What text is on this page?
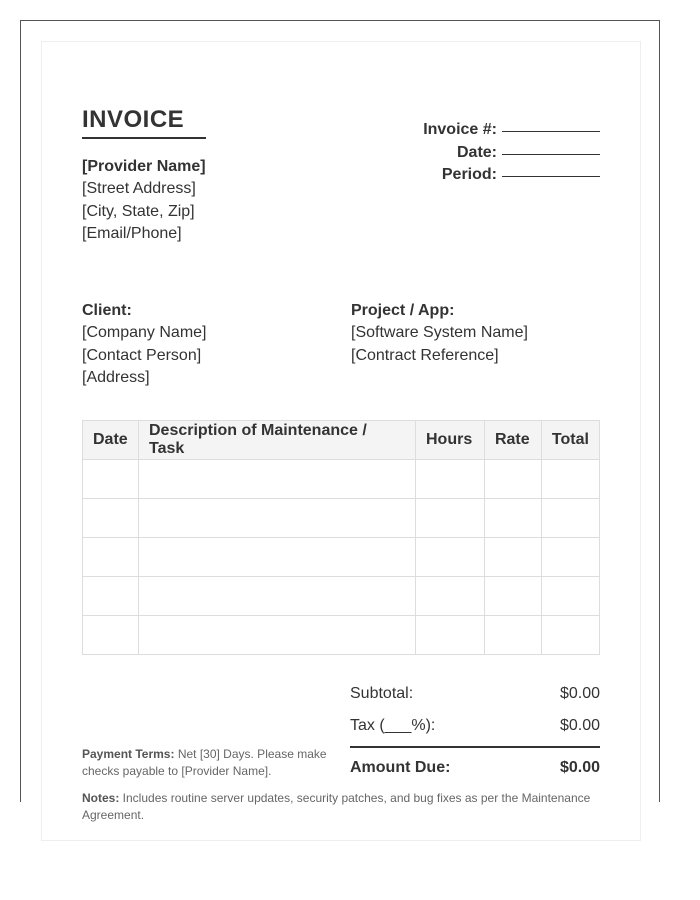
INVOICE
[Provider Name]
[Street Address]
[City, State, Zip]
[Email/Phone]
Invoice #:
Date:
Period:
Client:
[Company Name]
[Contact Person]
[Address]
Project / App:
[Software System Name]
[Contract Reference]
Date	Description of Maintenance / Task	Hours	Rate	Total

Subtotal:	$0.00
Tax (___%):	$0.00
Amount Due:	$0.00
Payment Terms: Net [30] Days. Please make checks payable to [Provider Name].
Notes: Includes routine server updates, security patches, and bug fixes as per the Maintenance Agreement.
